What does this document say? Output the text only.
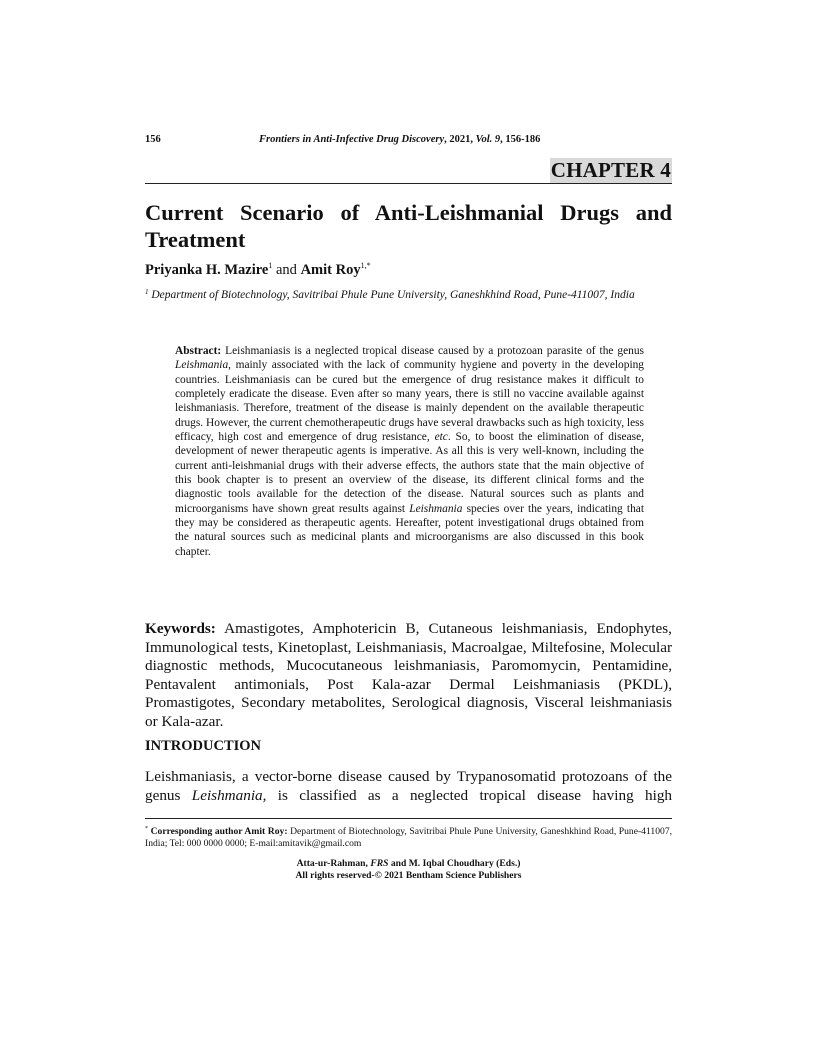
156	Frontiers in Anti-Infective Drug Discovery, 2021, Vol. 9, 156-186
CHAPTER 4
Current Scenario of Anti-Leishmanial Drugs and Treatment
Priyanka H. Mazire$^1$ and Amit Roy$^{1,*}$
$^1$ Department of Biotechnology, Savitribai Phule Pune University, Ganeshkhind Road, Pune-411007, India
Abstract: Leishmaniasis is a neglected tropical disease caused by a protozoan parasite of the genus Leishmania, mainly associated with the lack of community hygiene and poverty in the developing countries. Leishmaniasis can be cured but the emergence of drug resistance makes it difficult to completely eradicate the disease. Even after so many years, there is still no vaccine available against leishmaniasis. Therefore, treatment of the disease is mainly dependent on the available therapeutic drugs. However, the current chemotherapeutic drugs have several drawbacks such as high toxicity, less efficacy, high cost and emergence of drug resistance, etc. So, to boost the elimination of disease, development of newer therapeutic agents is imperative. As all this is very well-known, including the current anti-leishmanial drugs with their adverse effects, the authors state that the main objective of this book chapter is to present an overview of the disease, its different clinical forms and the diagnostic tools available for the detection of the disease. Natural sources such as plants and microorganisms have shown great results against Leishmania species over the years, indicating that they may be considered as therapeutic agents. Hereafter, potent investigational drugs obtained from the natural sources such as medicinal plants and microorganisms are also discussed in this book chapter.
Keywords: Amastigotes, Amphotericin B, Cutaneous leishmaniasis, Endophytes, Immunological tests, Kinetoplast, Leishmaniasis, Macroalgae, Miltefosine, Molecular diagnostic methods, Mucocutaneous leishmaniasis, Paromomycin, Pentamidine, Pentavalent antimonials, Post Kala-azar Dermal Leishmaniasis (PKDL), Promastigotes, Secondary metabolites, Serological diagnosis, Visceral leishmaniasis or Kala-azar.
INTRODUCTION
Leishmaniasis, a vector-borne disease caused by Trypanosomatid protozoans of the genus Leishmania, is classified as a neglected tropical disease having high
* Corresponding author Amit Roy: Department of Biotechnology, Savitribai Phule Pune University, Ganeshkhind Road, Pune-411007, India; Tel: 000 0000 0000; E-mail:amitavik@gmail.com
Atta-ur-Rahman, FRS and M. Iqbal Choudhary (Eds.)
All rights reserved-© 2021 Bentham Science Publishers
